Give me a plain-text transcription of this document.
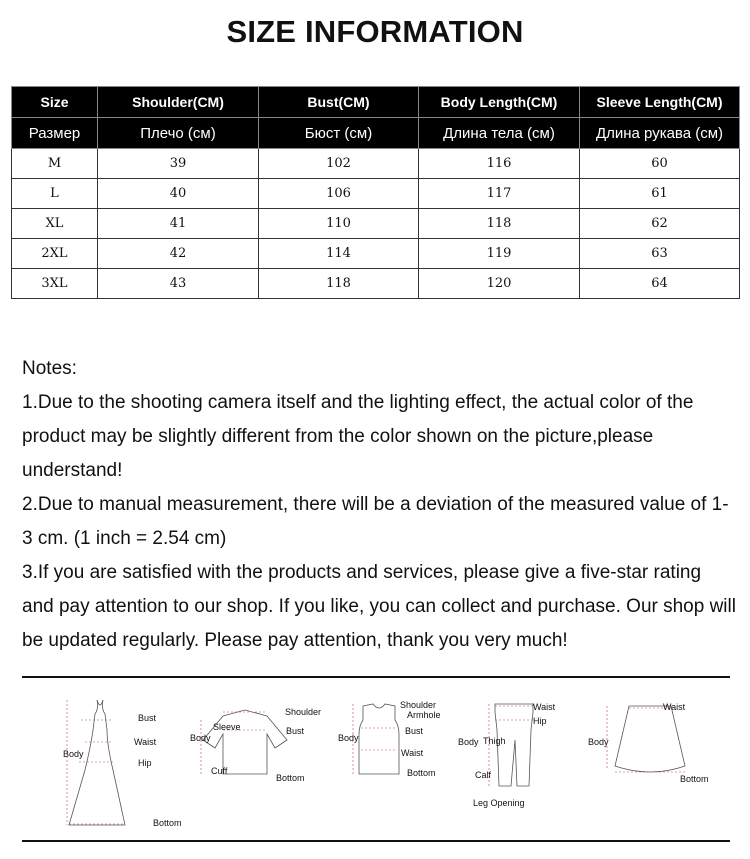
SIZE INFORMATION
Size	Shoulder(CM)	Bust(CM)	Body Length(CM)	Sleeve Length(CM)
Размер	Плечо (см)	Бюст (см)	Длина тела (см)	Длина рукава (см)
M	39	102	116	60
L	40	106	117	61
XL	41	110	118	62
2XL	42	114	119	63
3XL	43	118	120	64

Notes:

1.Due to the shooting camera itself and the lighting effect, the actual color of the product may be slightly different from the color shown on the picture,please understand!

2.Due to manual measurement, there will be a deviation of the measured value of 1-3 cm. (1 inch = 2.54 cm)

3.If you are satisfied with the products and services, please give a five-star rating and pay attention to our shop. If you like, you can collect and purchase. Our shop will be updated regularly. Please pay attention, thank you very much!

Bust
Waist
Body
Hip
Bottom
Shoulder
Sleeve	Bust
Body
Cuff
Bottom
Shoulder
Armhole
Bust
Body
Waist
Bottom
Waist
Hip
Body Thigh
Calf
Leg Opening
Waist
Body
Bottom
